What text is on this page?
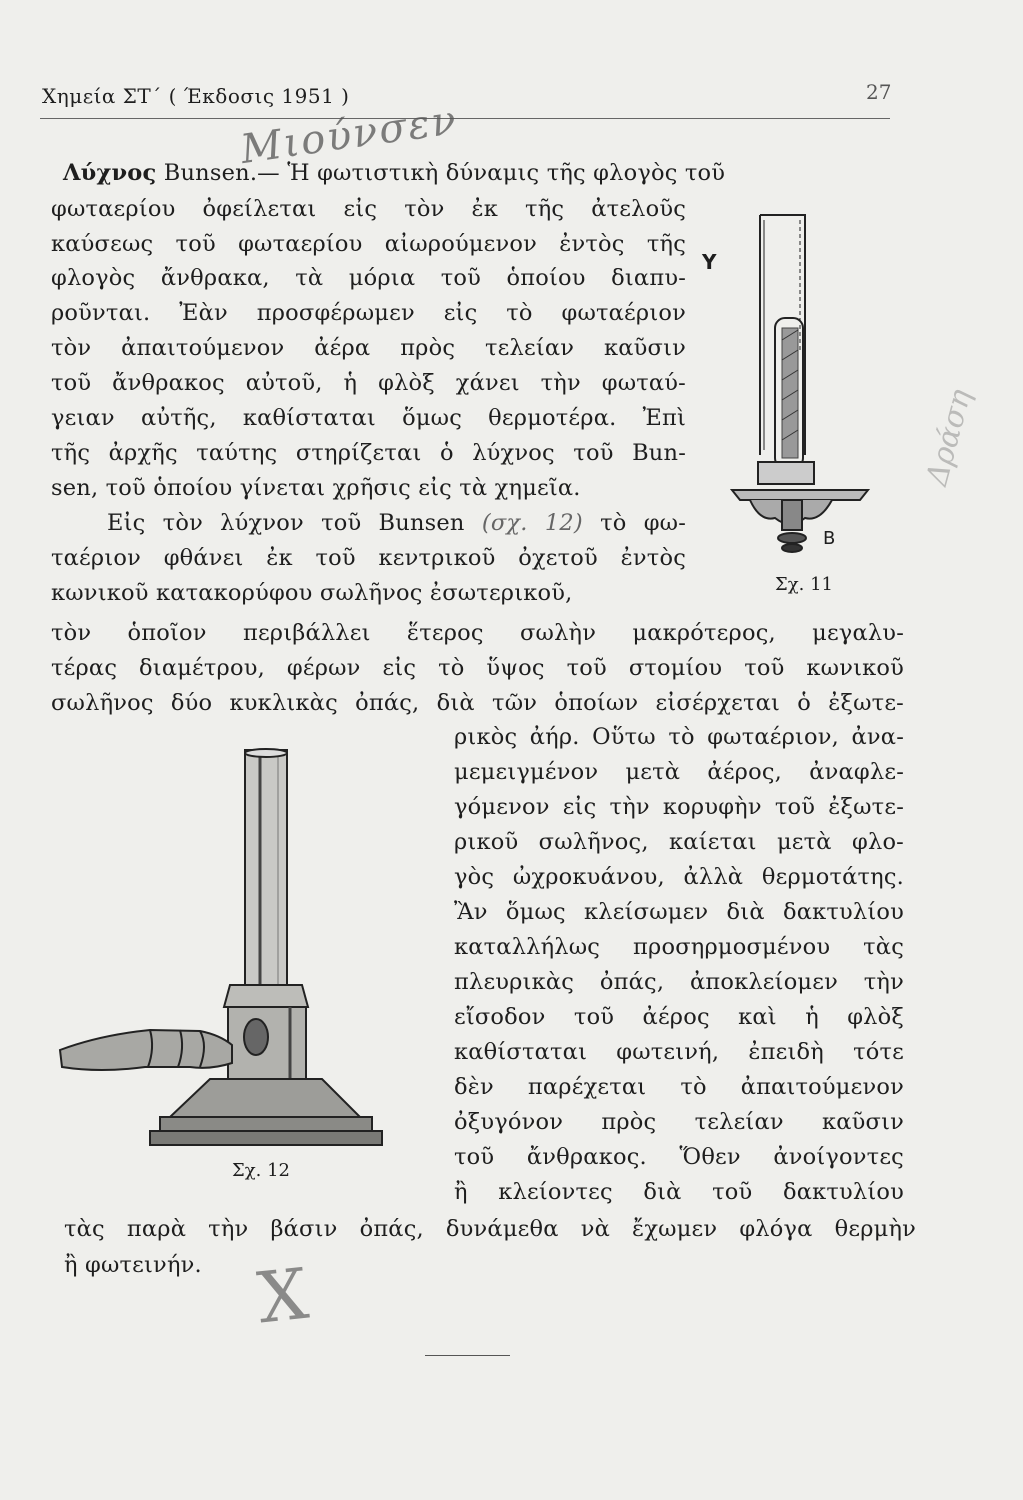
Χημεία ΣΤ΄ ( Έκδοσις 1951 )	27
Μιούνσεν
Δράση
X
Λύχνος Bunsen.— Ἡ φωτιστικὴ δύναμις τῆς φλογὸς τοῦ
φωταερίου ὀφείλεται εἰς τὸν ἐκ τῆς ἀτελοῦς
καύσεως τοῦ φωταερίου αἰωρούμενον ἐντὸς τῆς
φλογὸς ἄνθρακα, τὰ μόρια τοῦ ὁποίου διαπυ-
ροῦνται. Ἐὰν προσφέρωμεν εἰς τὸ φωταέριον
τὸν ἀπαιτούμενον ἀέρα πρὸς τελείαν καῦσιν
τοῦ ἄνθρακος αὐτοῦ, ἡ φλὸξ χάνει τὴν φωταύ-
γειαν αὐτῆς, καθίσταται ὅμως θερμοτέρα. Ἐπὶ
τῆς ἀρχῆς ταύτης στηρίζεται ὁ λύχνος τοῦ Bun-
sen, τοῦ ὁποίου γίνεται χρῆσις εἰς τὰ χημεῖα.
Εἰς τὸν λύχνον τοῦ Bunsen (σχ. 12) τὸ φω-
ταέριον φθάνει ἐκ τοῦ κεντρικοῦ ὀχετοῦ ἐντὸς
κωνικοῦ κατακορύφου σωλῆνος ἐσωτερικοῦ,
τὸν ὁποῖον περιβάλλει ἕτερος σωλὴν μακρότερος, μεγαλυ-
τέρας διαμέτρου, φέρων εἰς τὸ ὕψος τοῦ στομίου τοῦ κωνικοῦ
σωλῆνος δύο κυκλικὰς ὀπάς, διὰ τῶν ὁποίων εἰσέρχεται ὁ ἐξωτε-
ρικὸς ἀήρ. Οὕτω τὸ φωταέριον, ἀνα-
μεμειγμένον μετὰ ἀέρος, ἀναφλε-
γόμενον εἰς τὴν κορυφὴν τοῦ ἐξωτε-
ρικοῦ σωλῆνος, καίεται μετὰ φλο-
γὸς ὠχροκυάνου, ἀλλὰ θερμοτάτης.
Ἂν ὅμως κλείσωμεν διὰ δακτυλίου
καταλλήλως προσηρμοσμένου τὰς
πλευρικὰς ὀπάς, ἀποκλείομεν τὴν
εἴσοδον τοῦ ἀέρος καὶ ἡ φλὸξ
καθίσταται φωτεινή, ἐπειδὴ τότε
δὲν παρέχεται τὸ ἀπαιτούμενον
ὀξυγόνον πρὸς τελείαν καῦσιν
τοῦ ἄνθρακος. Ὅθεν ἀνοίγοντες
ἢ κλείοντες διὰ τοῦ δακτυλίου
τὰς παρὰ τὴν βάσιν ὀπάς, δυνάμεθα νὰ ἔχωμεν φλόγα θερμὴν
ἢ φωτεινήν.
Υ
Β
Σχ. 11
Σχ. 12
